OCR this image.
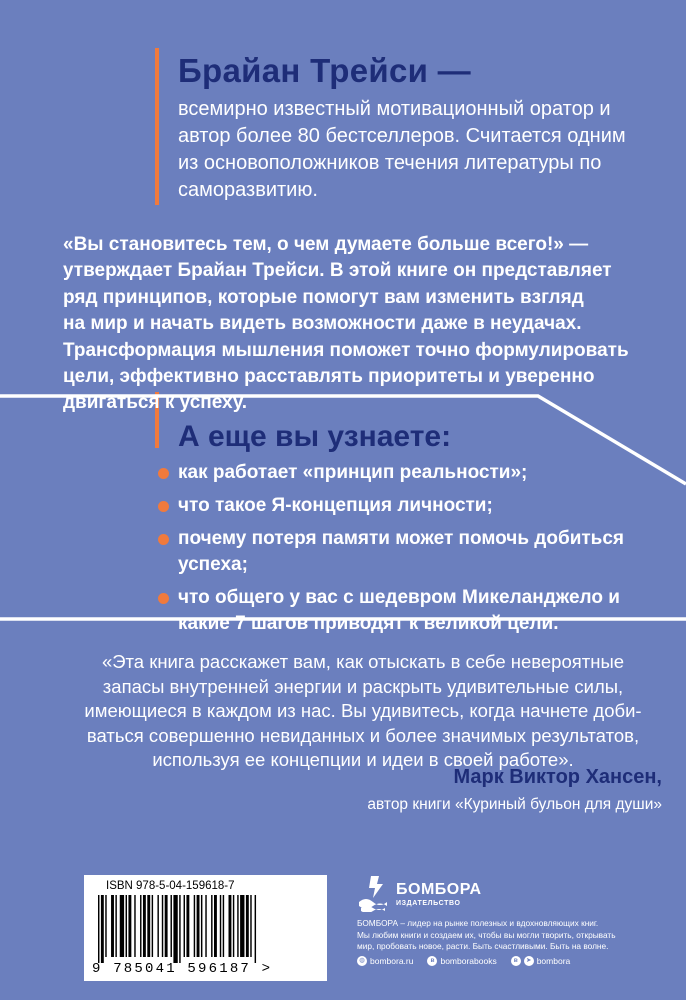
Брайан Трейси —
всемирно известный мотивационный оратор и автор более 80 бестселлеров. Считается одним из основоположников течения литературы по саморазвитию.
«Вы становитесь тем, о чем думаете больше всего!» —
утверждает Брайан Трейси. В этой книге он представляет
ряд принципов, которые помогут вам изменить взгляд
на мир и начать видеть возможности даже в неудачах.
Трансформация мышления поможет точно формулировать
цели, эффективно расставлять приоритеты и уверенно
двигаться к успеху.
А еще вы узнаете:
как работает «принцип реальности»;
что такое Я-концепция личности;
почему потеря памяти может помочь добиться успеха;
что общего у вас с шедевром Микеланджело и какие 7 шагов приводят к великой цели.
«Эта книга расскажет вам, как отыскать в себе невероятные
запасы внутренней энергии и раскрыть удивительные силы,
имеющиеся в каждом из нас. Вы удивитесь, когда начнете доби-
ваться совершенно невиданных и более значимых результатов,
используя ее концепции и идеи в своей работе».
Марк Виктор Хансен,
автор книги «Куриный бульон для души»
ISBN 978-5-04-159618-7
9 785041 596187 >
БОМБОРА
ИЗДАТЕЛЬСТВО
БОМБОРА – лидер на рынке полезных и вдохновляющих книг.
Мы любим книги и создаем их, чтобы вы могли творить, открывать
мир, пробовать новое, расти. Быть счастливыми. Быть на волне.
◍ bombora.ru	в bomborabooks	в	➤ bombora
